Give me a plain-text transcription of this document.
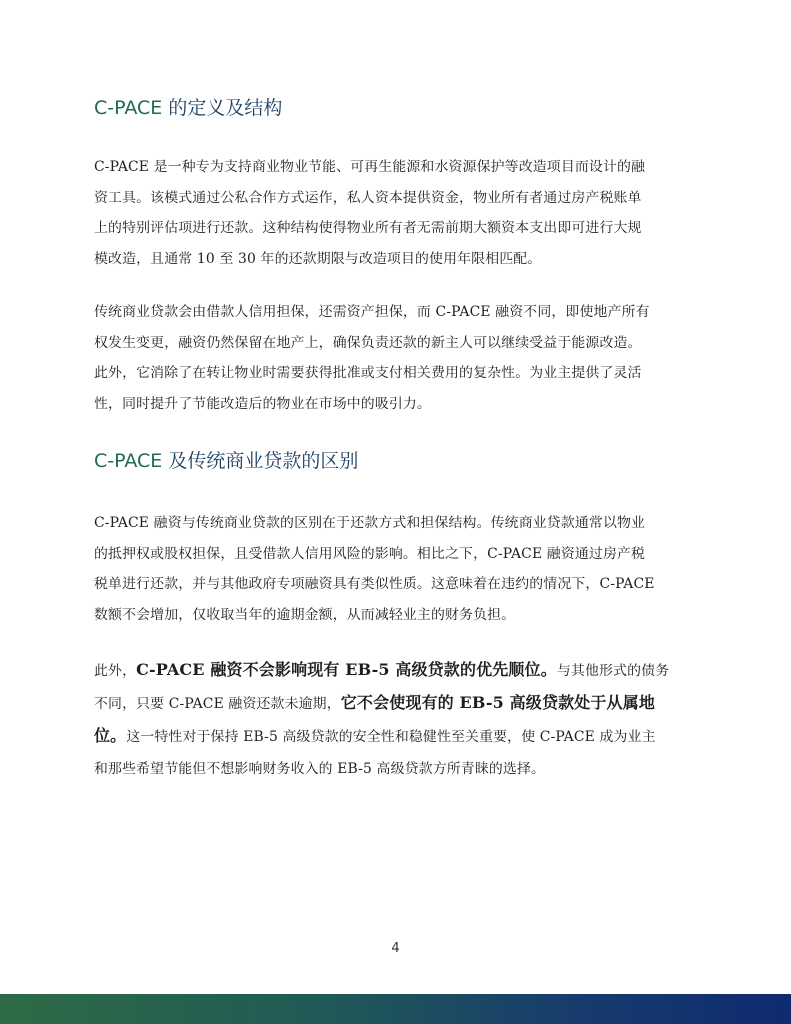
C-PACE 的定义及结构
C-PACE 是一种专为支持商业物业节能、可再生能源和水资源保护等改造项目而设计的融
资工具。该模式通过公私合作方式运作，私人资本提供资金，物业所有者通过房产税账单
上的特别评估项进行还款。这种结构使得物业所有者无需前期大额资本支出即可进行大规
模改造，且通常 10 至 30 年的还款期限与改造项目的使用年限相匹配。
传统商业贷款会由借款人信用担保，还需资产担保，而 C-PACE 融资不同，即使地产所有
权发生变更，融资仍然保留在地产上，确保负责还款的新主人可以继续受益于能源改造。
此外，它消除了在转让物业时需要获得批准或支付相关费用的复杂性。为业主提供了灵活
性，同时提升了节能改造后的物业在市场中的吸引力。
C-PACE 及传统商业贷款的区别
C-PACE 融资与传统商业贷款的区别在于还款方式和担保结构。传统商业贷款通常以物业
的抵押权或股权担保，且受借款人信用风险的影响。相比之下，C-PACE 融资通过房产税
税单进行还款，并与其他政府专项融资具有类似性质。这意味着在违约的情况下，C-PACE
数额不会增加，仅收取当年的逾期金额，从而减轻业主的财务负担。
此外，C-PACE 融资不会影响现有 EB-5 高级贷款的优先顺位。与其他形式的债务
不同，只要 C-PACE 融资还款未逾期，它不会使现有的 EB-5 高级贷款处于从属地
位。这一特性对于保持 EB-5 高级贷款的安全性和稳健性至关重要，使 C-PACE 成为业主
和那些希望节能但不想影响财务收入的 EB-5 高级贷款方所青睐的选择。
4
